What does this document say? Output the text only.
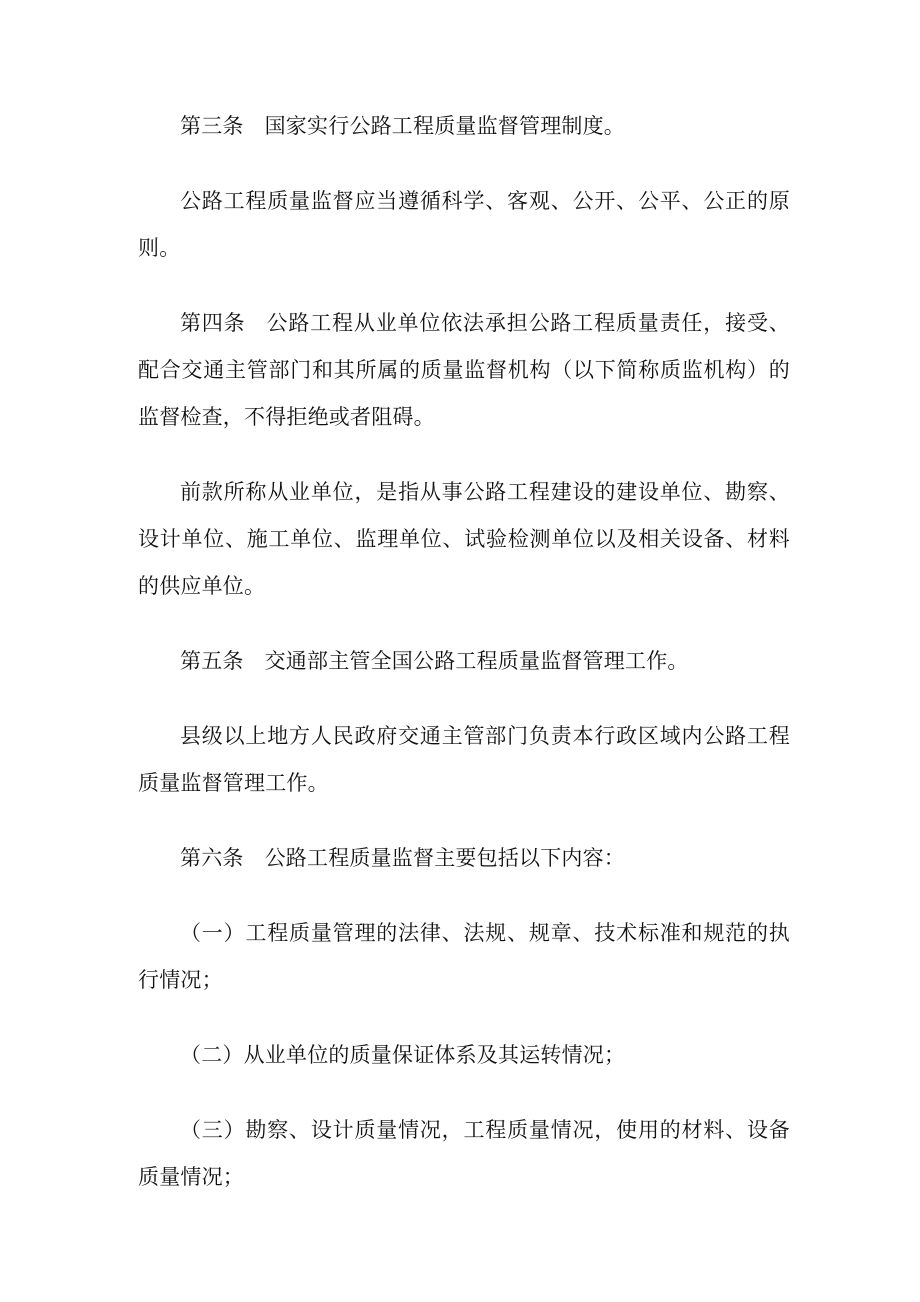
第三条 国家实行公路工程质量监督管理制度。

公路工程质量监督应当遵循科学、客观、公开、公平、公正的原则。

第四条 公路工程从业单位依法承担公路工程质量责任，接受、配合交通主管部门和其所属的质量监督机构（以下简称质监机构）的监督检查，不得拒绝或者阻碍。

前款所称从业单位，是指从事公路工程建设的建设单位、勘察、设计单位、施工单位、监理单位、试验检测单位以及相关设备、材料的供应单位。

第五条 交通部主管全国公路工程质量监督管理工作。

县级以上地方人民政府交通主管部门负责本行政区域内公路工程质量监督管理工作。

第六条 公路工程质量监督主要包括以下内容：

（一）工程质量管理的法律、法规、规章、技术标准和规范的执行情况；

（二）从业单位的质量保证体系及其运转情况；

（三）勘察、设计质量情况，工程质量情况，使用的材料、设备质量情况；
